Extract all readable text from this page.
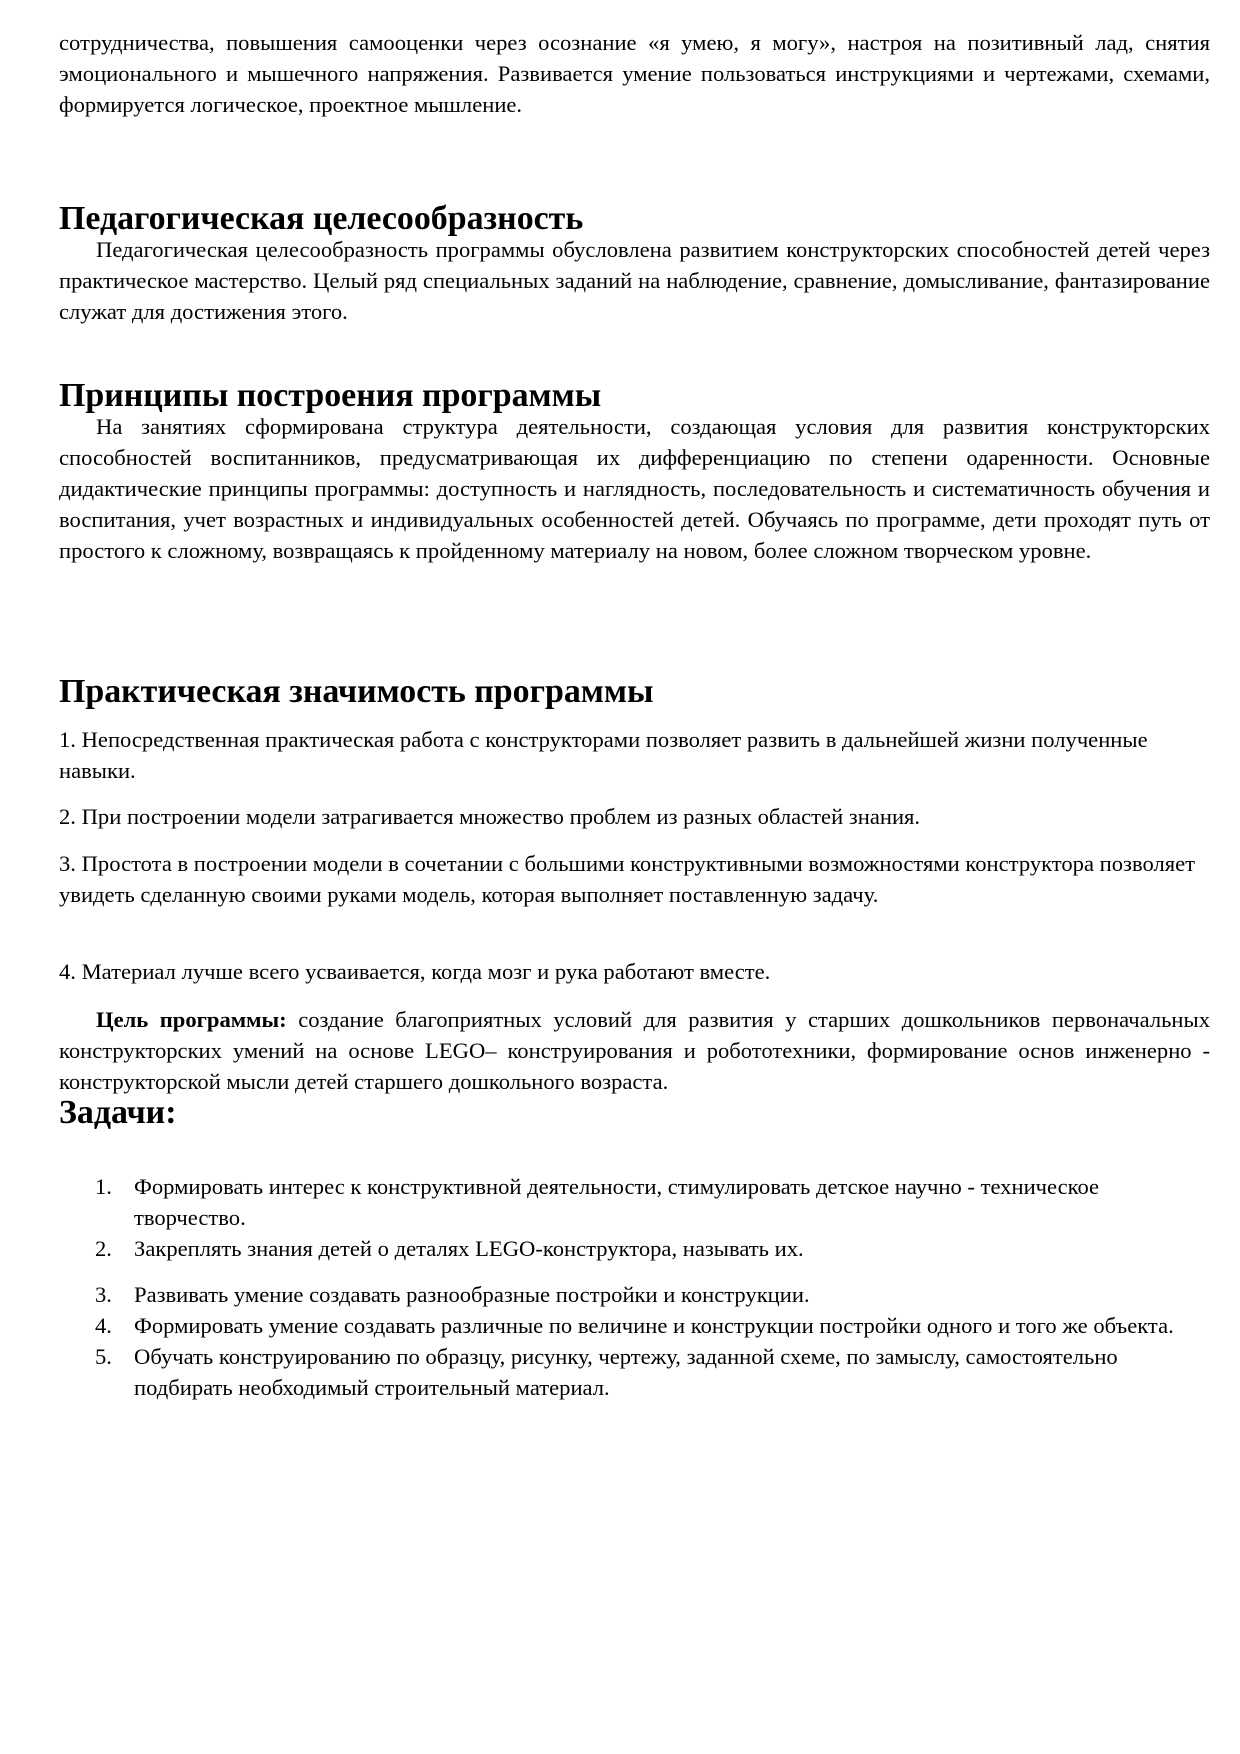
сотрудничества, повышения самооценки через осознание «я умею, я могу», настроя на позитивный лад, снятия эмоционального и мышечного напряжения. Развивается умение пользоваться инструкциями и чертежами, схемами, формируется логическое, проектное мышление.

Педагогическая целесообразность

Педагогическая целесообразность программы обусловлена развитием конструкторских способностей детей через практическое мастерство. Целый ряд специальных заданий на наблюдение, сравнение, домысливание, фантазирование служат для достижения этого.

Принципы построения программы

На занятиях сформирована структура деятельности, создающая условия для развития конструкторских способностей воспитанников, предусматривающая их дифференциацию по степени одаренности. Основные дидактические принципы программы: доступность и наглядность, последовательность и систематичность обучения и воспитания, учет возрастных и индивидуальных особенностей детей. Обучаясь по программе, дети проходят путь от простого к сложному, возвращаясь к пройденному материалу на новом, более сложном творческом уровне.

Практическая значимость программы

1. Непосредственная практическая работа с конструкторами позволяет развить в дальнейшей жизни полученные навыки.

2. При построении модели затрагивается множество проблем из разных областей знания.

3. Простота в построении модели в сочетании с большими конструктивными возможностями конструктора позволяет увидеть сделанную своими руками модель, которая выполняет поставленную задачу.

4. Материал лучше всего усваивается, когда мозг и рука работают вместе.

Цель программы: создание благоприятных условий для развития у старших дошкольников первоначальных конструкторских умений на основе LEGO– конструирования и робототехники, формирование основ инженерно - конструкторской мысли детей старшего дошкольного возраста.

Задачи:
1. Формировать интерес к конструктивной деятельности, стимулировать детское научно - техническое творчество.
2. Закреплять знания детей о деталях LEGO-конструктора, называть их.
3. Развивать умение создавать разнообразные постройки и конструкции.
4. Формировать умение создавать различные по величине и конструкции постройки одного и того же объекта.
5. Обучать конструированию по образцу, рисунку, чертежу, заданной схеме, по замыслу, самостоятельно подбирать необходимый строительный материал.
